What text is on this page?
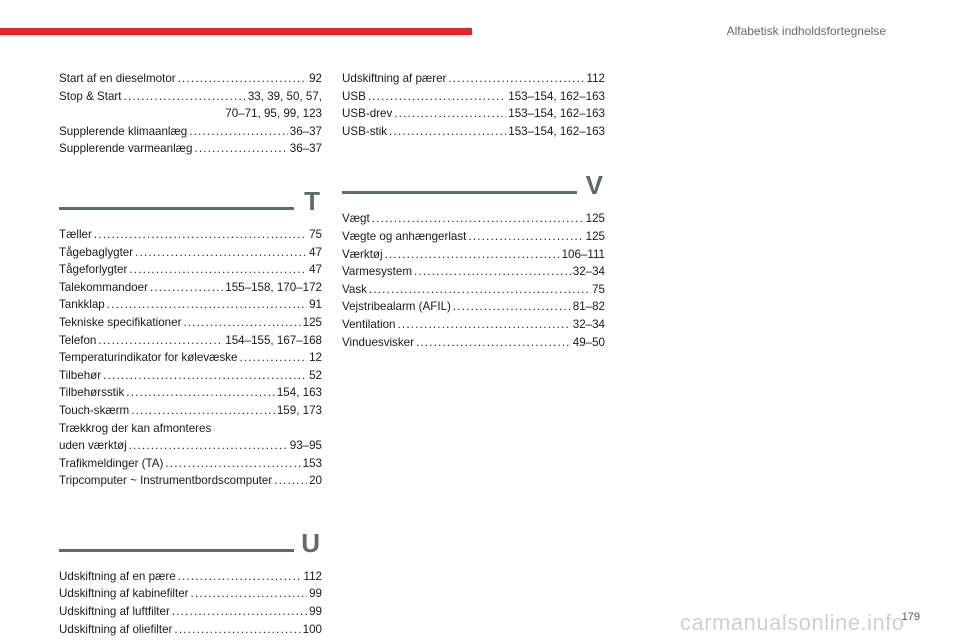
Alfabetisk indholdsfortegnelse
Start af en dieselmotor .....	92
Stop & Start .....	33, 39, 50, 57,
70–71, 95, 99, 123
Supplerende klimaanlæg .....	36–37
Supplerende varmeanlæg .....	36–37
T
Tæller .....	75
Tågebaglygter .....	47
Tågeforlygter .....	47
Talekommandoer .....	155–158, 170–172
Tankklap .....	91
Tekniske specifikationer .....	125
Telefon .....	154–155, 167–168
Temperaturindikator for kølevæske .....	12
Tilbehør .....	52
Tilbehørsstik .....	154, 163
Touch-skærm .....	159, 173
Trækkrog der kan afmonteres
uden værktøj .....	93–95
Trafikmeldinger (TA) .....	153
Tripcomputer ~ Instrumentbordscomputer .....	20
U
Udskiftning af en pære .....	112
Udskiftning af kabinefilter .....	99
Udskiftning af luftfilter .....	99
Udskiftning af oliefilter .....	100
Udskiftning af pærer .....	112
USB .....	153–154, 162–163
USB-drev .....	153–154, 162–163
USB-stik .....	153–154, 162–163
V
Vægt .....	125
Vægte og anhængerlast .....	125
Værktøj .....	106–111
Varmesystem .....	32–34
Vask .....	75
Vejstribealarm (AFIL) .....	81–82
Ventilation .....	32–34
Vinduesvisker .....	49–50
carmanualsonline.info
179
